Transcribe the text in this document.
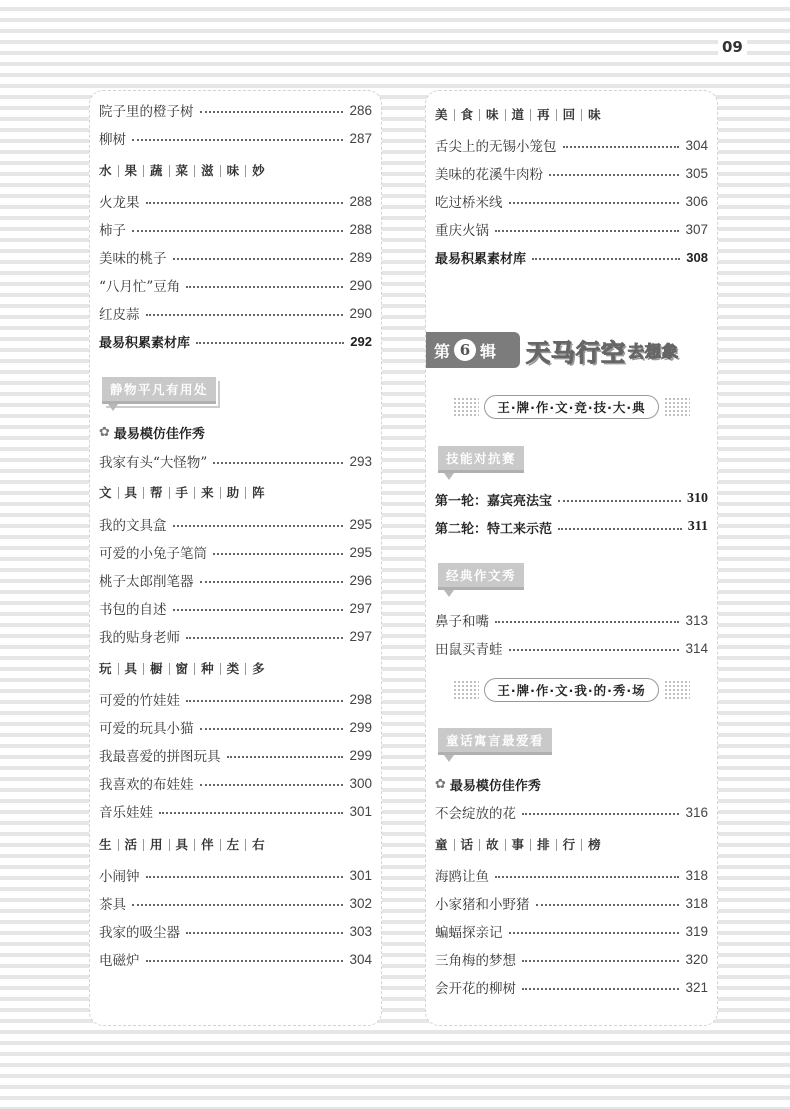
09
院子里的橙子树	286
柳树	287
水	果	蔬	菜	滋	味	妙
火龙果	288
柿子	288
美味的桃子	289
“八月忙”豆角	290
红皮蒜	290
最易积累素材库	292
静物平凡有用处
✿ 最易模仿佳作秀
我家有头“大怪物”	293
文	具	帮	手	来	助	阵
我的文具盒	295
可爱的小兔子笔筒	295
桃子太郎削笔器	296
书包的自述	297
我的贴身老师	297
玩	具	橱	窗	种	类	多
可爱的竹娃娃	298
可爱的玩具小猫	299
我最喜爱的拼图玩具	299
我喜欢的布娃娃	300
音乐娃娃	301
生	活	用	具	伴	左	右
小闹钟	301
茶具	302
我家的吸尘器	303
电磁炉	304
美	食	味	道	再	回	味
舌尖上的无锡小笼包	304
美味的花溪牛肉粉	305
吃过桥米线	306
重庆火锅	307
最易积累素材库	308
第 6 辑 天马行空 去想象
王·牌·作·文·竞·技·大·典
技能对抗赛
第一轮：嘉宾亮法宝	310
第二轮：特工来示范	311
经典作文秀
鼻子和嘴	313
田鼠买青蛙	314
王·牌·作·文·我·的·秀·场
童话寓言最爱看
✿ 最易模仿佳作秀
不会绽放的花	316
童	话	故	事	排	行	榜
海鸥让鱼	318
小家猪和小野猪	318
蝙蝠探亲记	319
三角梅的梦想	320
会开花的柳树	321
